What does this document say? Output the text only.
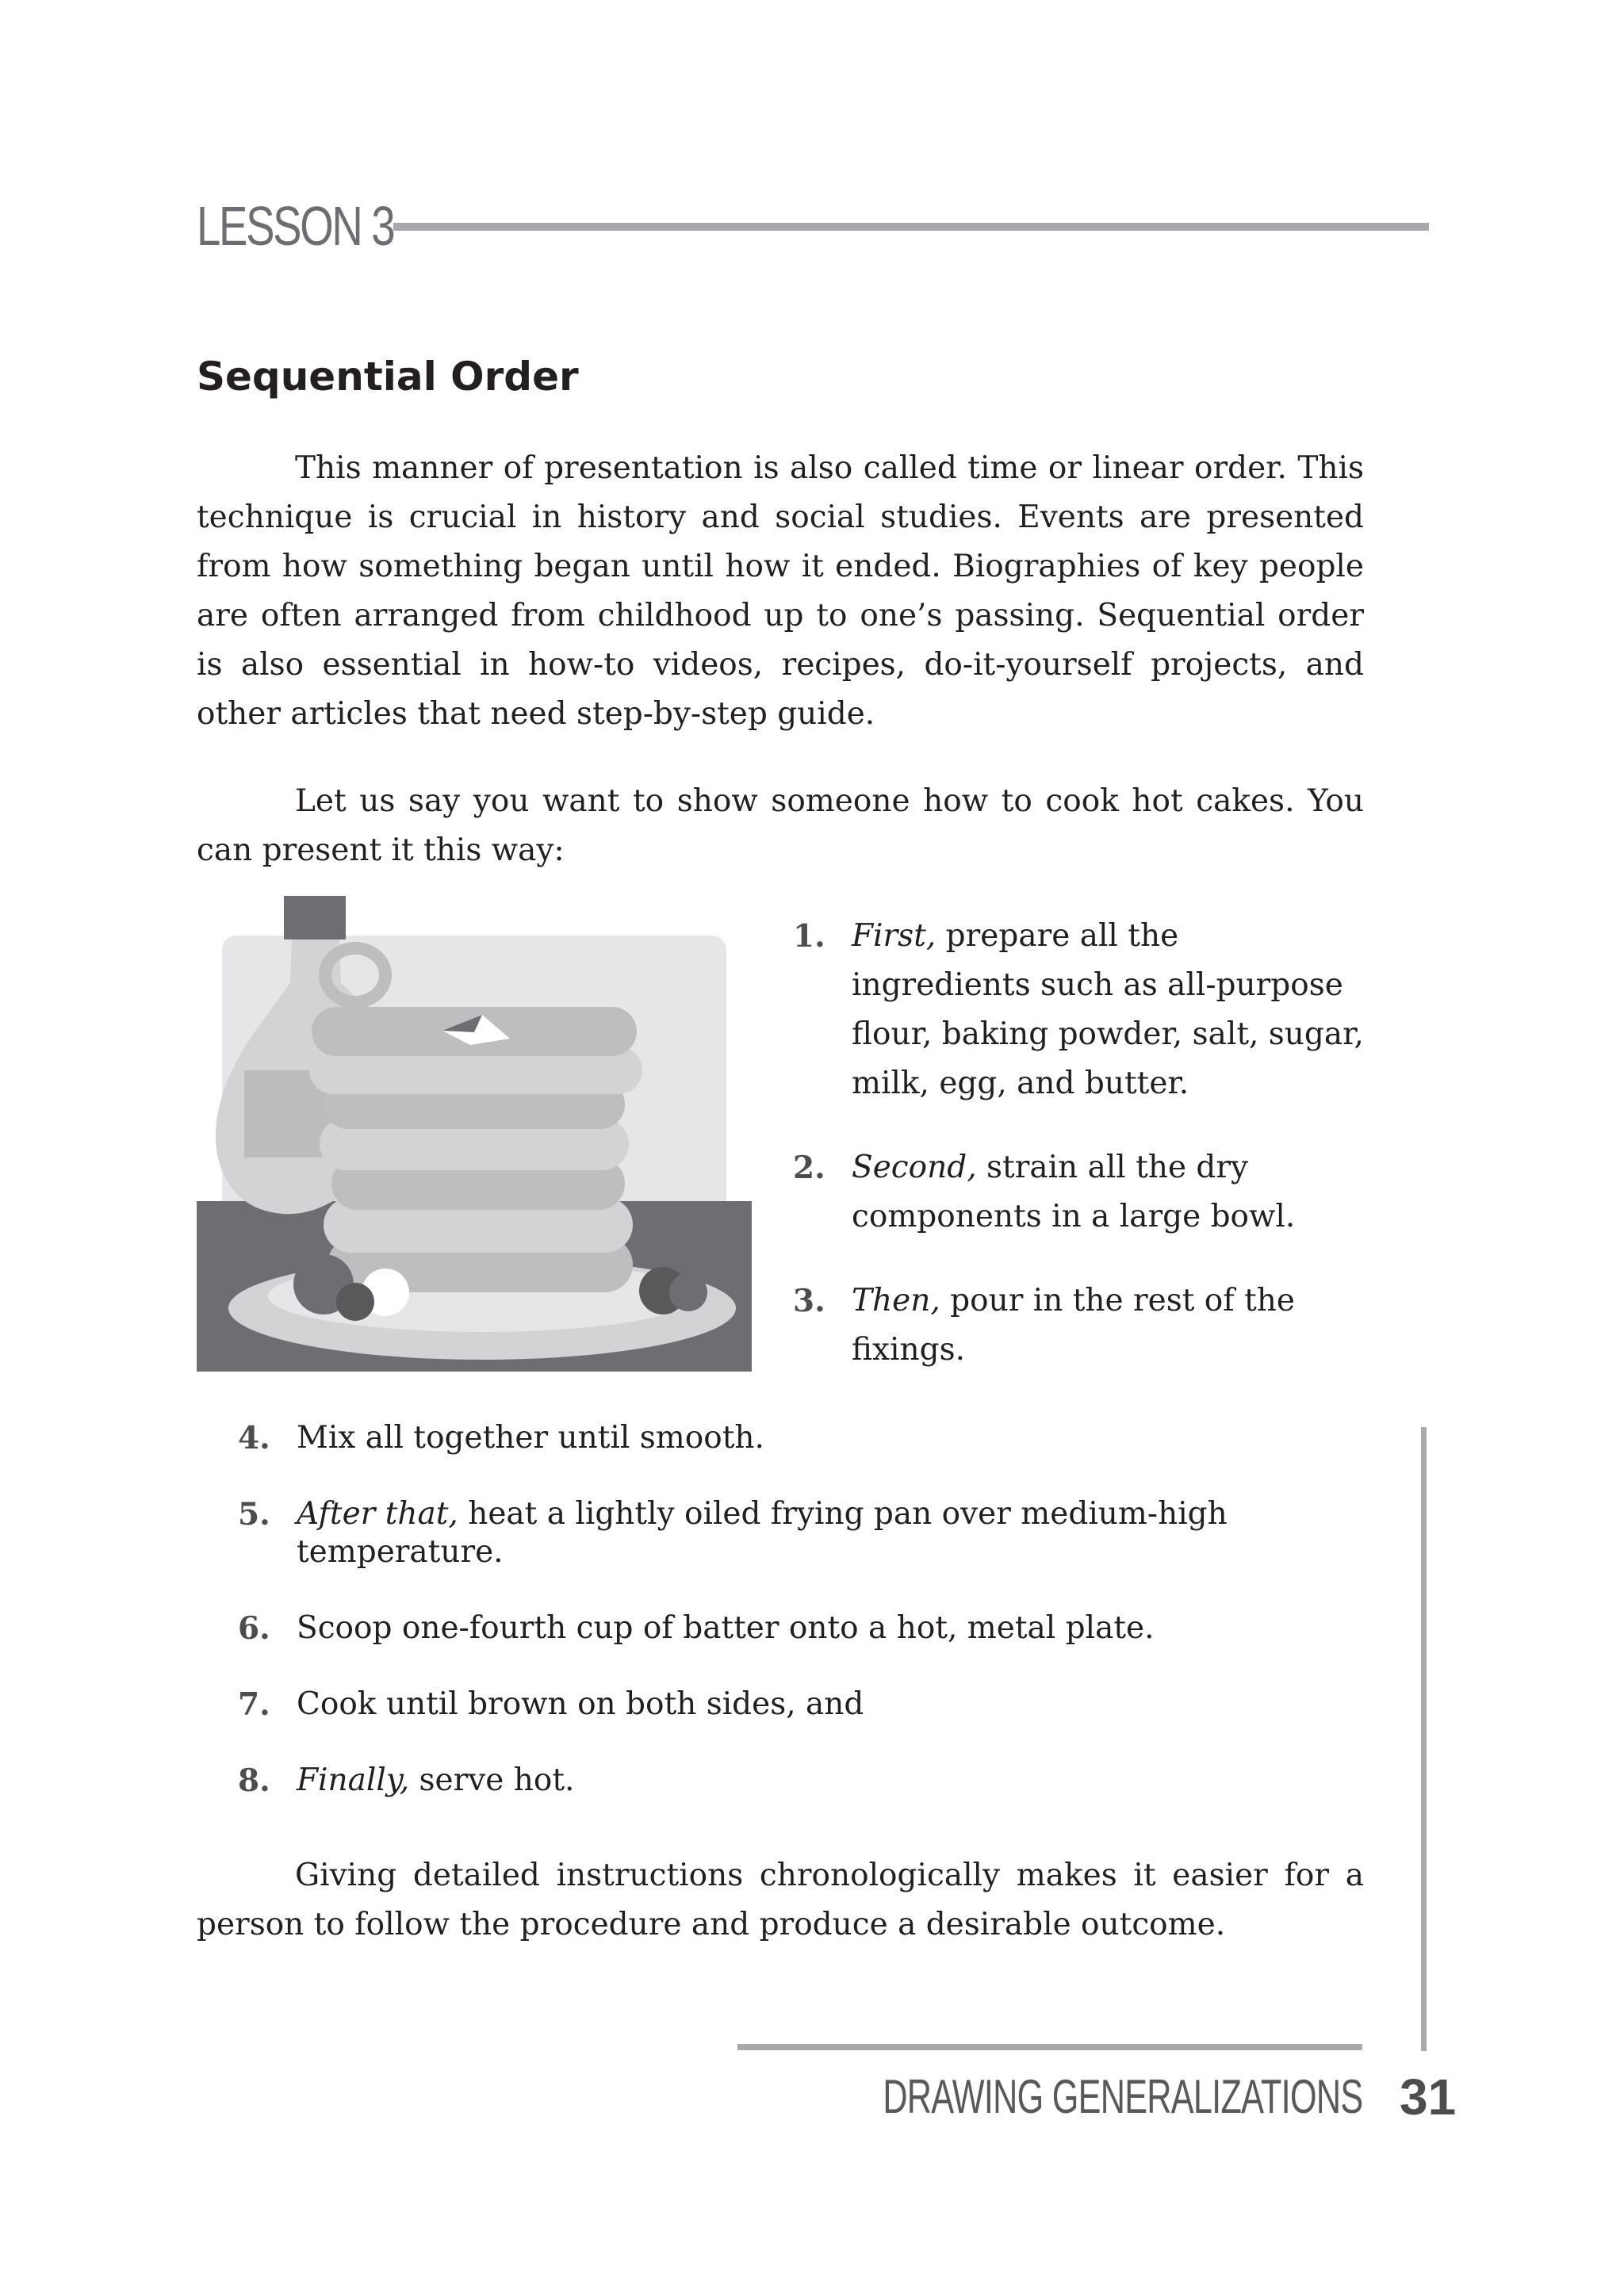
LESSON 3
Sequential Order

This manner of presentation is also called time or linear order. This technique is crucial in history and social studies. Events are presented from how something began until how it ended. Biographies of key people are often arranged from childhood up to one’s passing. Sequential order is also essential in how-to videos, recipes, do-it-yourself projects, and other articles that need step-by-step guide.

Let us say you want to show someone how to cook hot cakes. You can present it this way:

1. First, prepare all the ingredients such as all-purpose flour, baking powder, salt, sugar, milk, egg, and butter.
2. Second, strain all the dry components in a large bowl.
3. Then, pour in the rest of the fixings.
4. Mix all together until smooth.
5. After that, heat a lightly oiled frying pan over medium-high temperature.
6. Scoop one-fourth cup of batter onto a hot, metal plate.
7. Cook until brown on both sides, and
8. Finally, serve hot.

Giving detailed instructions chronologically makes it easier for a person to follow the procedure and produce a desirable outcome.

DRAWING GENERALIZATIONS 31
